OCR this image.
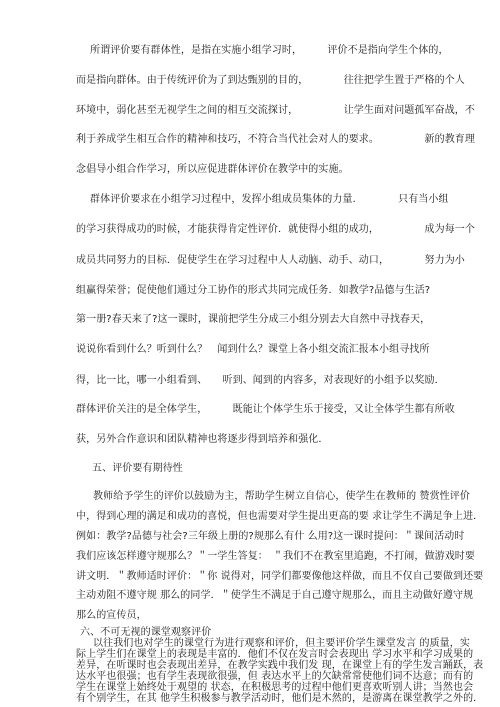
所谓评价要有群体性，是指在实施小组学习时，　　　评价不是指向学生个体的，
而是指向群体。由于传统评价为了到达甄别的目的，　　　　往往把学生置于严格的个人
环境中，弱化甚至无视学生之间的相互交流探讨，　　　　　让学生面对问题孤军奋战，不
利于养成学生相互合作的精神和技巧，不符合当代社会对人的要求。　　　　　新的教育理
念倡导小组合作学习，所以应促进群体评价在教学中的实施。
群体评价要求在小组学习过程中，发挥小组成员集体的力量．　　　　只有当小组
的学习获得成功的时候，才能获得肯定性评价．就使得小组的成功，　　　　　成为每一个
成员共同努力的目标．促使学生在学习过程中人人动脑、动手、动口，　　　　努力为小
组赢得荣誉；促使他们通过分工协作的形式共同完成任务．如教学?品德与生活?
第一册?春天来了?这一课时，课前把学生分成三小组分别去大自然中寻找春天，
说说你看到什么？听到什么？　闻到什么？课堂上各小组交流汇报本小组寻找所
得，比一比，哪一小组看到、　　听到、闻到的内容多，对表现好的小组予以奖励．
群体评价关注的是全体学生，　　　既能让个体学生乐于接受，又让全体学生都有所收
获，另外合作意识和团队精神也将逐步得到培养和强化．
五、评价要有期待性
教师给予学生的评价以鼓励为主，帮助学生树立自信心，使学生在教师的 赞赏性评价
中，得到心理的满足和成功的喜悦，但也需要对学生提出更高的要 求让学生不满足争上进．
例如：教学?品德与社会?三年级上册的?规那么有什 么用?这一课时提问：＂课间活动时
我们应该怎样遵守规那么？＂一学生答复：　＂我们不在教室里追跑，不打闹，做游戏时要
讲文明．＂教师适时评价：＂你 说得对，同学们都要像他这样做，而且不仅自己要做到还要
主动劝阻不遵守规 那么的同学．＂使学生不满足于自己遵守规那么，而且主动做好遵守规
那么的宣传员，
六、不可无视的课堂观察评价
以往我们也对学生的课堂行为进行观察和评价，但主要评价学生课堂发言 的质量，实
际上学生们在课堂上的表现是丰富的．他们不仅在发言时会表现出 学习水平和学习成果的
差异，在听课时也会表现出差异，在教学实践中我们发 现，在课堂上有的学生发言踊跃，表
达水平也很强；也有学生表现欲很强，但 表达水平上的欠缺常常使他们词不达意；而有的
学生在课堂上始终处于观望的 状态，在积极思考的过程中他们更喜欢听别人讲；当然也会
有个别学生，在其 他学生积极参与教学活动时，他们是木然的，是游离在课堂教学之外的．
